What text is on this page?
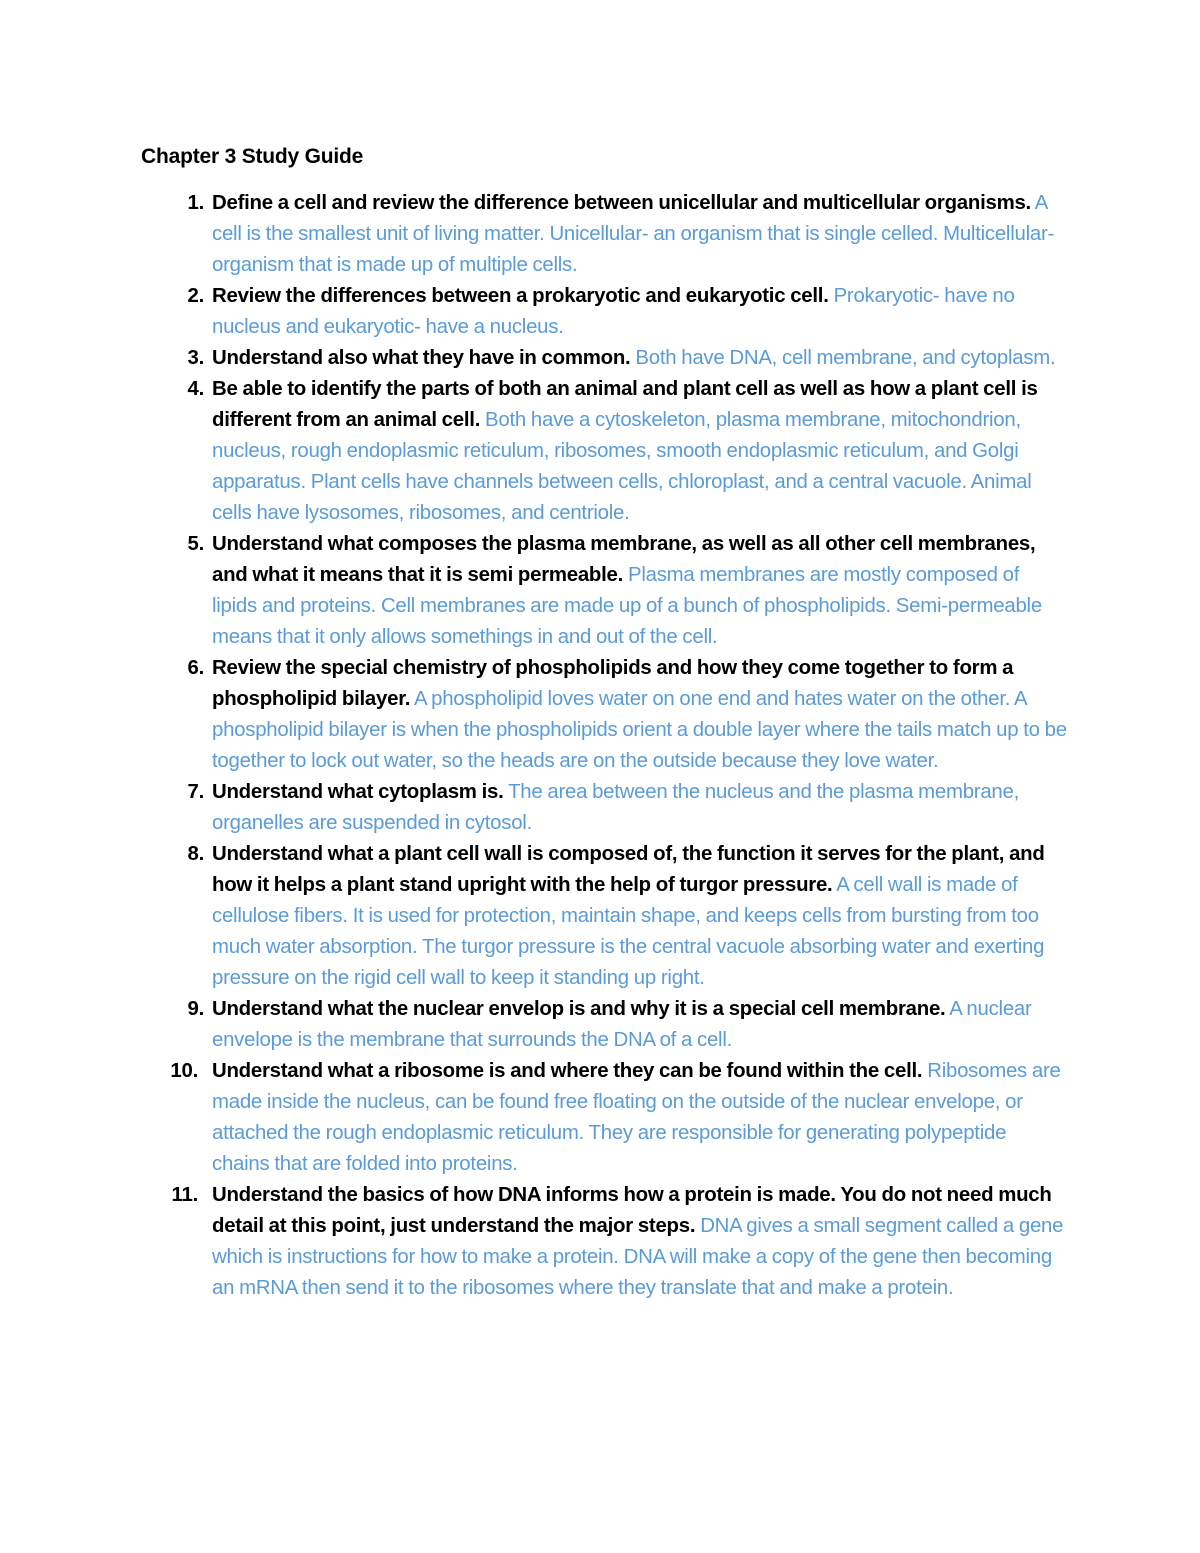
Chapter 3 Study Guide
1. Define a cell and review the difference between unicellular and multicellular organisms. A cell is the smallest unit of living matter. Unicellular- an organism that is single celled. Multicellular- organism that is made up of multiple cells.
2. Review the differences between a prokaryotic and eukaryotic cell. Prokaryotic- have no nucleus and eukaryotic- have a nucleus.
3. Understand also what they have in common. Both have DNA, cell membrane, and cytoplasm.
4. Be able to identify the parts of both an animal and plant cell as well as how a plant cell is different from an animal cell. Both have a cytoskeleton, plasma membrane, mitochondrion, nucleus, rough endoplasmic reticulum, ribosomes, smooth endoplasmic reticulum, and Golgi apparatus. Plant cells have channels between cells, chloroplast, and a central vacuole. Animal cells have lysosomes, ribosomes, and centriole.
5. Understand what composes the plasma membrane, as well as all other cell membranes, and what it means that it is semi permeable. Plasma membranes are mostly composed of lipids and proteins. Cell membranes are made up of a bunch of phospholipids. Semi-permeable means that it only allows somethings in and out of the cell.
6. Review the special chemistry of phospholipids and how they come together to form a phospholipid bilayer. A phospholipid loves water on one end and hates water on the other. A phospholipid bilayer is when the phospholipids orient a double layer where the tails match up to be together to lock out water, so the heads are on the outside because they love water.
7. Understand what cytoplasm is. The area between the nucleus and the plasma membrane, organelles are suspended in cytosol.
8. Understand what a plant cell wall is composed of, the function it serves for the plant, and how it helps a plant stand upright with the help of turgor pressure. A cell wall is made of cellulose fibers. It is used for protection, maintain shape, and keeps cells from bursting from too much water absorption. The turgor pressure is the central vacuole absorbing water and exerting pressure on the rigid cell wall to keep it standing up right.
9. Understand what the nuclear envelop is and why it is a special cell membrane. A nuclear envelope is the membrane that surrounds the DNA of a cell.
10. Understand what a ribosome is and where they can be found within the cell. Ribosomes are made inside the nucleus, can be found free floating on the outside of the nuclear envelope, or attached the rough endoplasmic reticulum. They are responsible for generating polypeptide chains that are folded into proteins.
11. Understand the basics of how DNA informs how a protein is made. You do not need much detail at this point, just understand the major steps. DNA gives a small segment called a gene which is instructions for how to make a protein. DNA will make a copy of the gene then becoming an mRNA then send it to the ribosomes where they translate that and make a protein.
